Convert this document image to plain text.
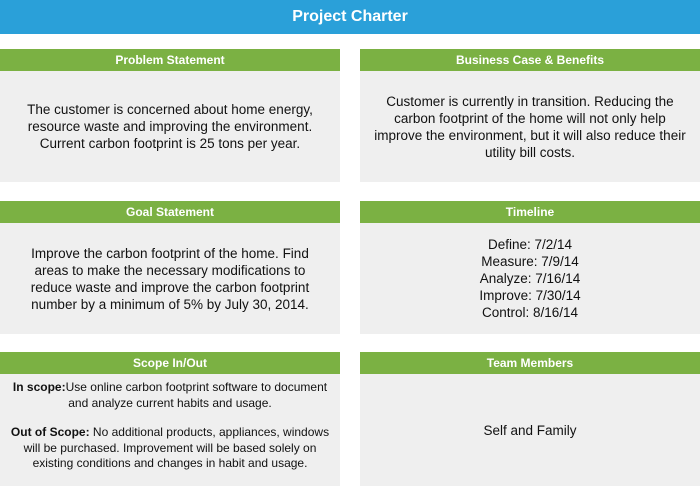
Project Charter
Problem Statement
The customer is concerned about home energy, resource waste and improving the environment. Current carbon footprint is 25 tons per year.
Business Case & Benefits
Customer is currently in transition. Reducing the carbon footprint of the home will not only help improve the environment, but it will also reduce their utility bill costs.
Goal Statement
Improve the carbon footprint of the home. Find areas to make the necessary modifications to reduce waste and improve the carbon footprint number by a minimum of 5% by July 30, 2014.
Timeline
Define: 7/2/14
Measure: 7/9/14
Analyze: 7/16/14
Improve: 7/30/14
Control: 8/16/14
Scope In/Out

In scope:Use online carbon footprint software to document and analyze current habits and usage.

Out of Scope: No additional products, appliances, windows will be purchased. Improvement will be based solely on existing conditions and changes in habit and usage.

Team Members
Self and Family
